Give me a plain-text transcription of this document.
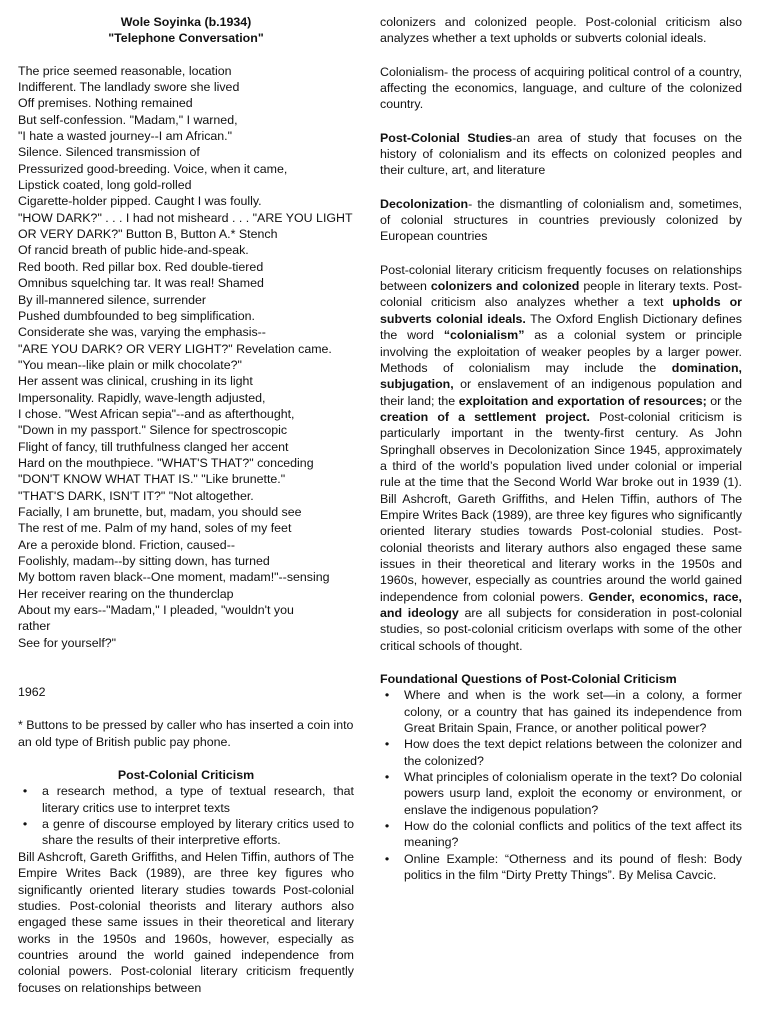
Wole Soyinka (b.1934)
"Telephone Conversation"
The price seemed reasonable, location
Indifferent. The landlady swore she lived
Off premises. Nothing remained
But self-confession. "Madam," I warned,
"I hate a wasted journey--I am African."
Silence. Silenced transmission of
Pressurized good-breeding. Voice, when it came,
Lipstick coated, long gold-rolled
Cigarette-holder pipped. Caught I was foully.
"HOW DARK?" . . . I had not misheard . . . "ARE YOU LIGHT
OR VERY DARK?" Button B, Button A.* Stench
Of rancid breath of public hide-and-speak.
Red booth. Red pillar box. Red double-tiered
Omnibus squelching tar. It was real! Shamed
By ill-mannered silence, surrender
Pushed dumbfounded to beg simplification.
Considerate she was, varying the emphasis--
"ARE YOU DARK? OR VERY LIGHT?" Revelation came.
"You mean--like plain or milk chocolate?"
Her assent was clinical, crushing in its light
Impersonality. Rapidly, wave-length adjusted,
I chose. "West African sepia"--and as afterthought,
"Down in my passport." Silence for spectroscopic
Flight of fancy, till truthfulness clanged her accent
Hard on the mouthpiece. "WHAT'S THAT?" conceding
"DON'T KNOW WHAT THAT IS." "Like brunette."
"THAT'S DARK, ISN'T IT?" "Not altogether.
Facially, I am brunette, but, madam, you should see
The rest of me. Palm of my hand, soles of my feet
Are a peroxide blond. Friction, caused--
Foolishly, madam--by sitting down, has turned
My bottom raven black--One moment, madam!"--sensing
Her receiver rearing on the thunderclap
About my ears--"Madam," I pleaded, "wouldn't you
rather
See for yourself?"
1962
* Buttons to be pressed by caller who has inserted a coin into an old type of British public pay phone.
Post-Colonial Criticism
•	a research method, a type of textual research, that literary critics use to interpret texts
•	a genre of discourse employed by literary critics used to share the results of their interpretive efforts.
Bill Ashcroft, Gareth Griffiths, and Helen Tiffin, authors of The Empire Writes Back (1989), are three key figures who significantly oriented literary studies towards Post-colonial studies. Post-colonial theorists and literary authors also engaged these same issues in their theoretical and literary works in the 1950s and 1960s, however, especially as countries around the world gained independence from colonial powers. Post-colonial literary criticism frequently focuses on relationships between
colonizers and colonized people. Post-colonial criticism also analyzes whether a text upholds or subverts colonial ideals.
Colonialism- the process of acquiring political control of a country, affecting the economics, language, and culture of the colonized country.
Post-Colonial Studies-an area of study that focuses on the history of colonialism and its effects on colonized peoples and their culture, art, and literature
Decolonization- the dismantling of colonialism and, sometimes, of colonial structures in countries previously colonized by European countries
Post-colonial literary criticism frequently focuses on relationships between colonizers and colonized people in literary texts. Post-colonial criticism also analyzes whether a text upholds or subverts colonial ideals. The Oxford English Dictionary defines the word “colonialism” as a colonial system or principle involving the exploitation of weaker peoples by a larger power. Methods of colonialism may include the domination, subjugation, or enslavement of an indigenous population and their land; the exploitation and exportation of resources; or the creation of a settlement project. Post-colonial criticism is particularly important in the twenty-first century. As John Springhall observes in Decolonization Since 1945, approximately a third of the world’s population lived under colonial or imperial rule at the time that the Second World War broke out in 1939 (1). Bill Ashcroft, Gareth Griffiths, and Helen Tiffin, authors of The Empire Writes Back (1989), are three key figures who significantly oriented literary studies towards Post-colonial studies. Post-colonial theorists and literary authors also engaged these same issues in their theoretical and literary works in the 1950s and 1960s, however, especially as countries around the world gained independence from colonial powers. Gender, economics, race, and ideology are all subjects for consideration in post-colonial studies, so post-colonial criticism overlaps with some of the other critical schools of thought.
Foundational Questions of Post-Colonial Criticism
•	Where and when is the work set—in a colony, a former colony, or a country that has gained its independence from Great Britain Spain, France, or another political power?
•	How does the text depict relations between the colonizer and the colonized?
•	What principles of colonialism operate in the text? Do colonial powers usurp land, exploit the economy or environment, or enslave the indigenous population?
•	How do the colonial conflicts and politics of the text affect its meaning?
•	Online Example: “Otherness and its pound of flesh: Body politics in the film “Dirty Pretty Things”. By Melisa Cavcic.
